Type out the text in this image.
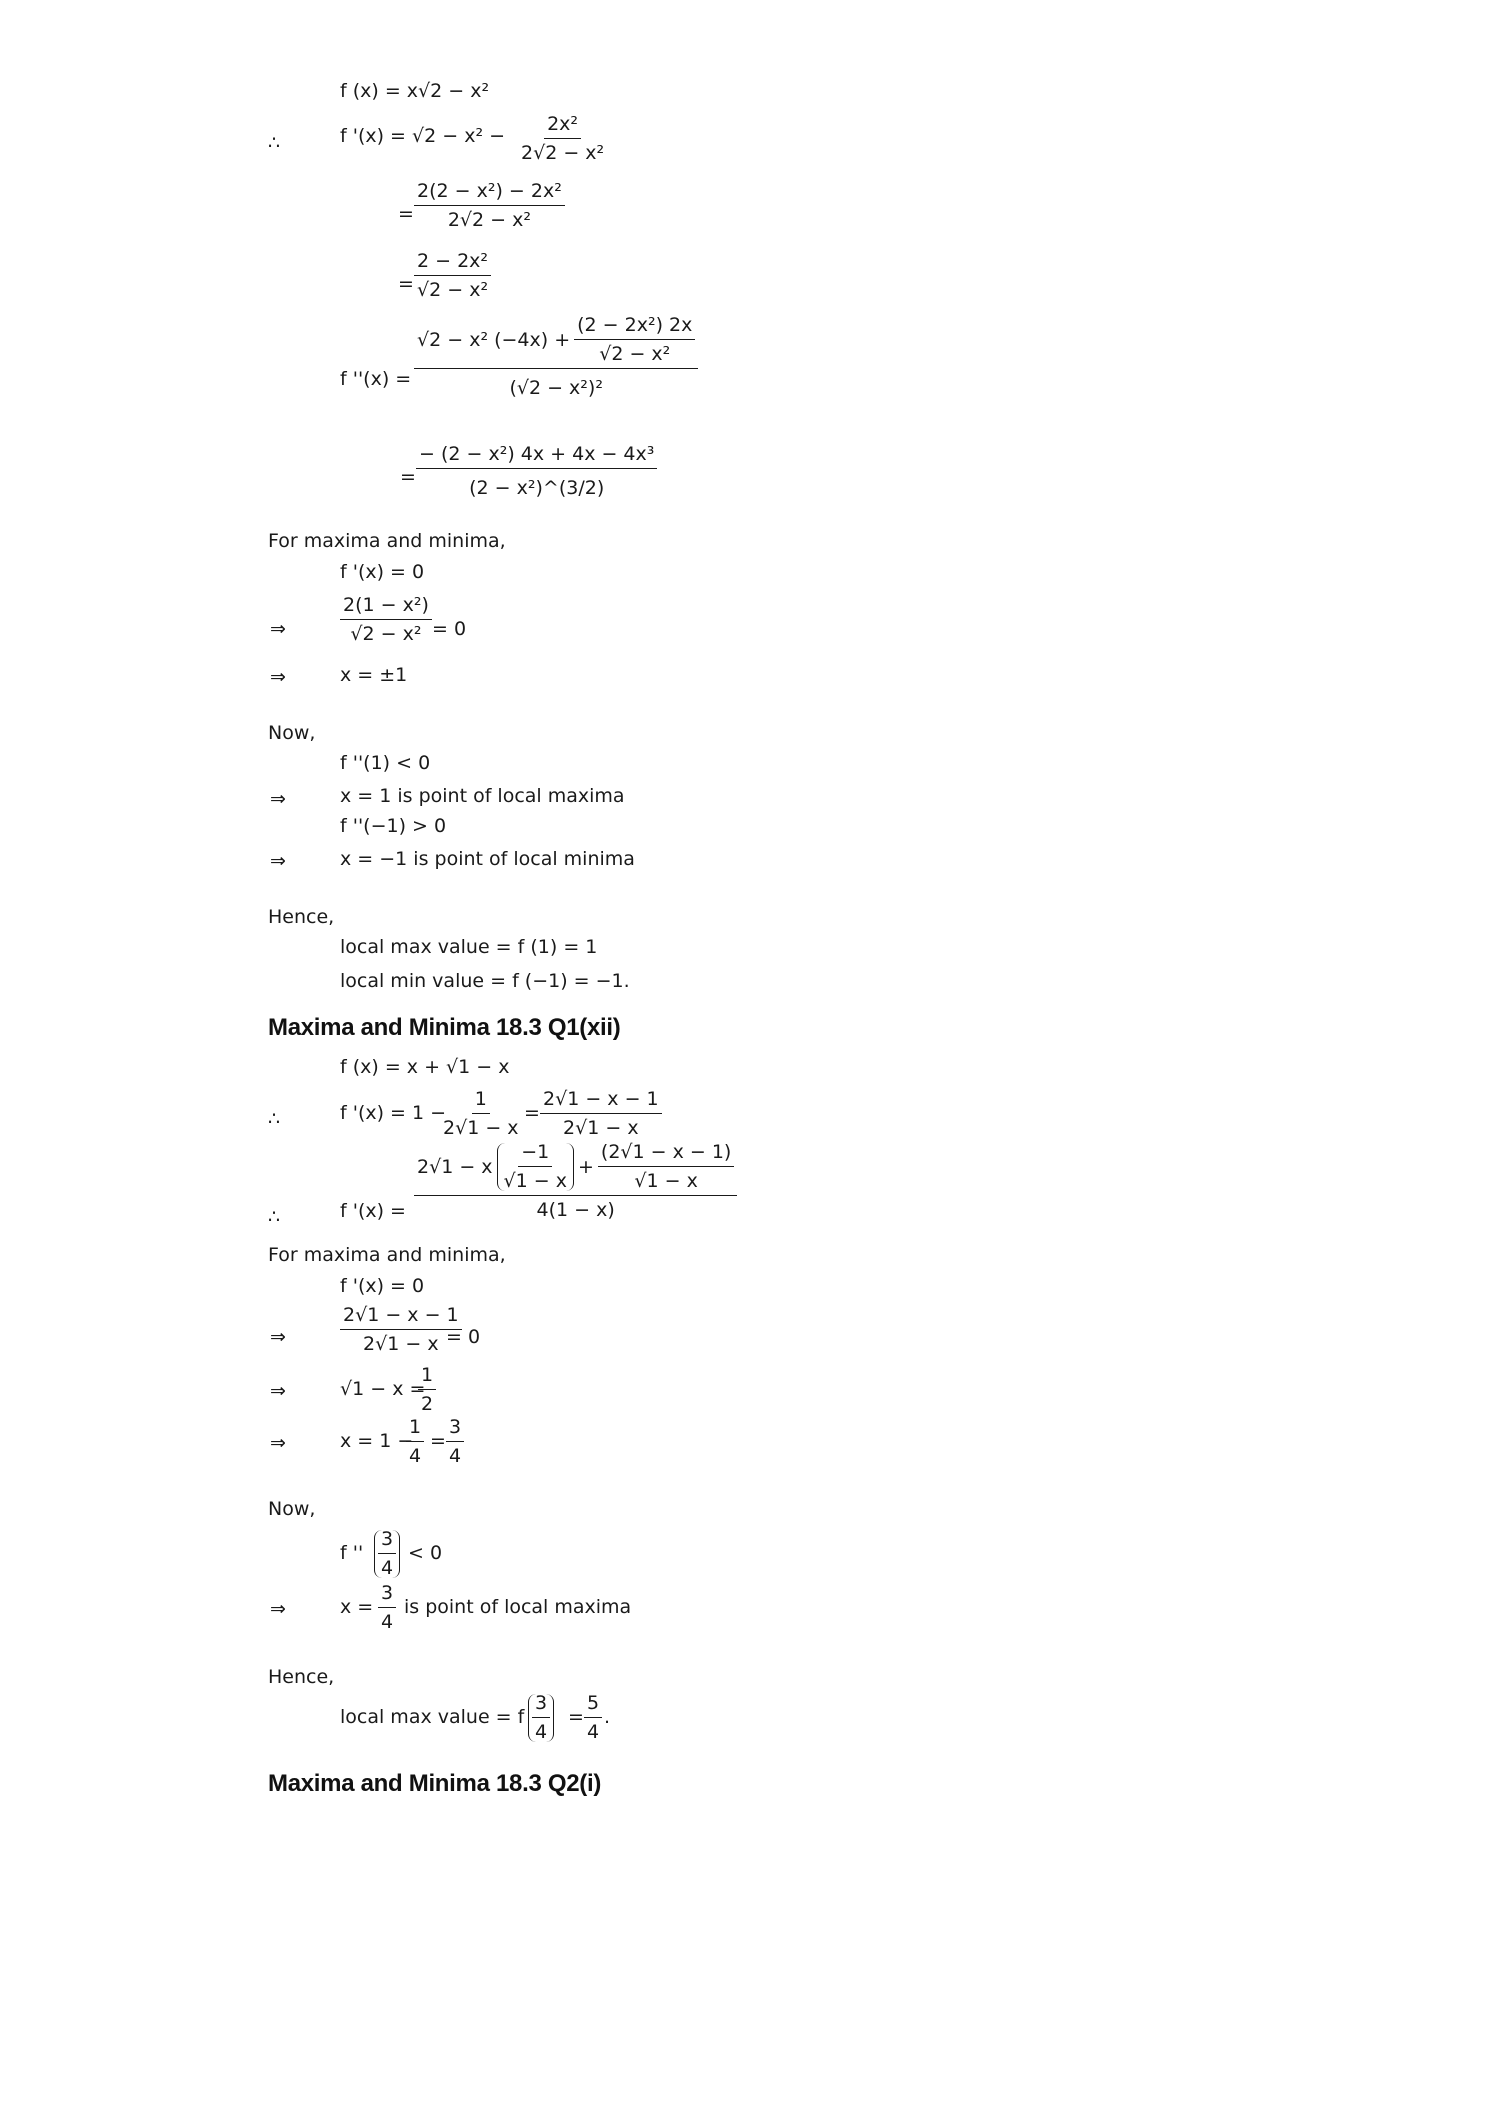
f (x) = x√2 − x²
∴	f '$(x) = √2 - x^2 - \frac{\text{2x²}}{\text{2√2 − x²}}$
= $\frac{\text{2(2 − x²) − 2x²}}{\text{2√2 − x²}}$
= $\frac{\text{2 − 2x²}}{\text{√2 − x²}}$
f ''$(x) = \frac{√2 - x^2 (-4x) + \frac{\text{(2 − 2x²) 2x}}{\text{√2 − x²}}}{\text{(√2 − x²)²}}$
= $\frac{\text{− (2 − x²) 4x + 4x − 4x³}}{\text{(2 − x²)\textasciicircum{}(3/2)}}$
For maxima and minima,
f '(x) = 0
⇒	$\frac{\text{2(1 − x²)}}{\text{√2 − x²}} = 0$
⇒	x = ±1
Now,
f ''(1) < 0
⇒	x = 1 is point of local maxima
f ''(−1) > 0
⇒	x = −1 is point of local minima
Hence,
local max value = f (1) = 1
local min value = f (−1) = −1.
Maxima and Minima 18.3 Q1(xii)
f (x) = x + √1 − x
∴	f '(x) = 1 −
$\frac{1}{2√1 - x} = \frac{2√1 - x - 1}{2√1 - x}$
∴	f '(x) =
2√1 − x $\frac{-1}{√1 - x} + \frac{(2√1 - x - 1)}{√1 - x}$
4(1 − x)
For maxima and minima,
f '(x) = 0
⇒	$\frac{2√1 - x - 1}{2√1 - x}$
= 0
⇒	√1 − x =
$\frac{1}{2}$
⇒	x = 1 −
$\frac{1}{4} = \frac{3}{4}$
Now,
f '' $\frac{3}{4} < 0$
⇒	$x = \frac{3}{4}$ is point of local maxima
Hence,
local max value = f $\frac{3}{4} = \frac{5}{4}$ .
Maxima and Minima 18.3 Q2(i)
